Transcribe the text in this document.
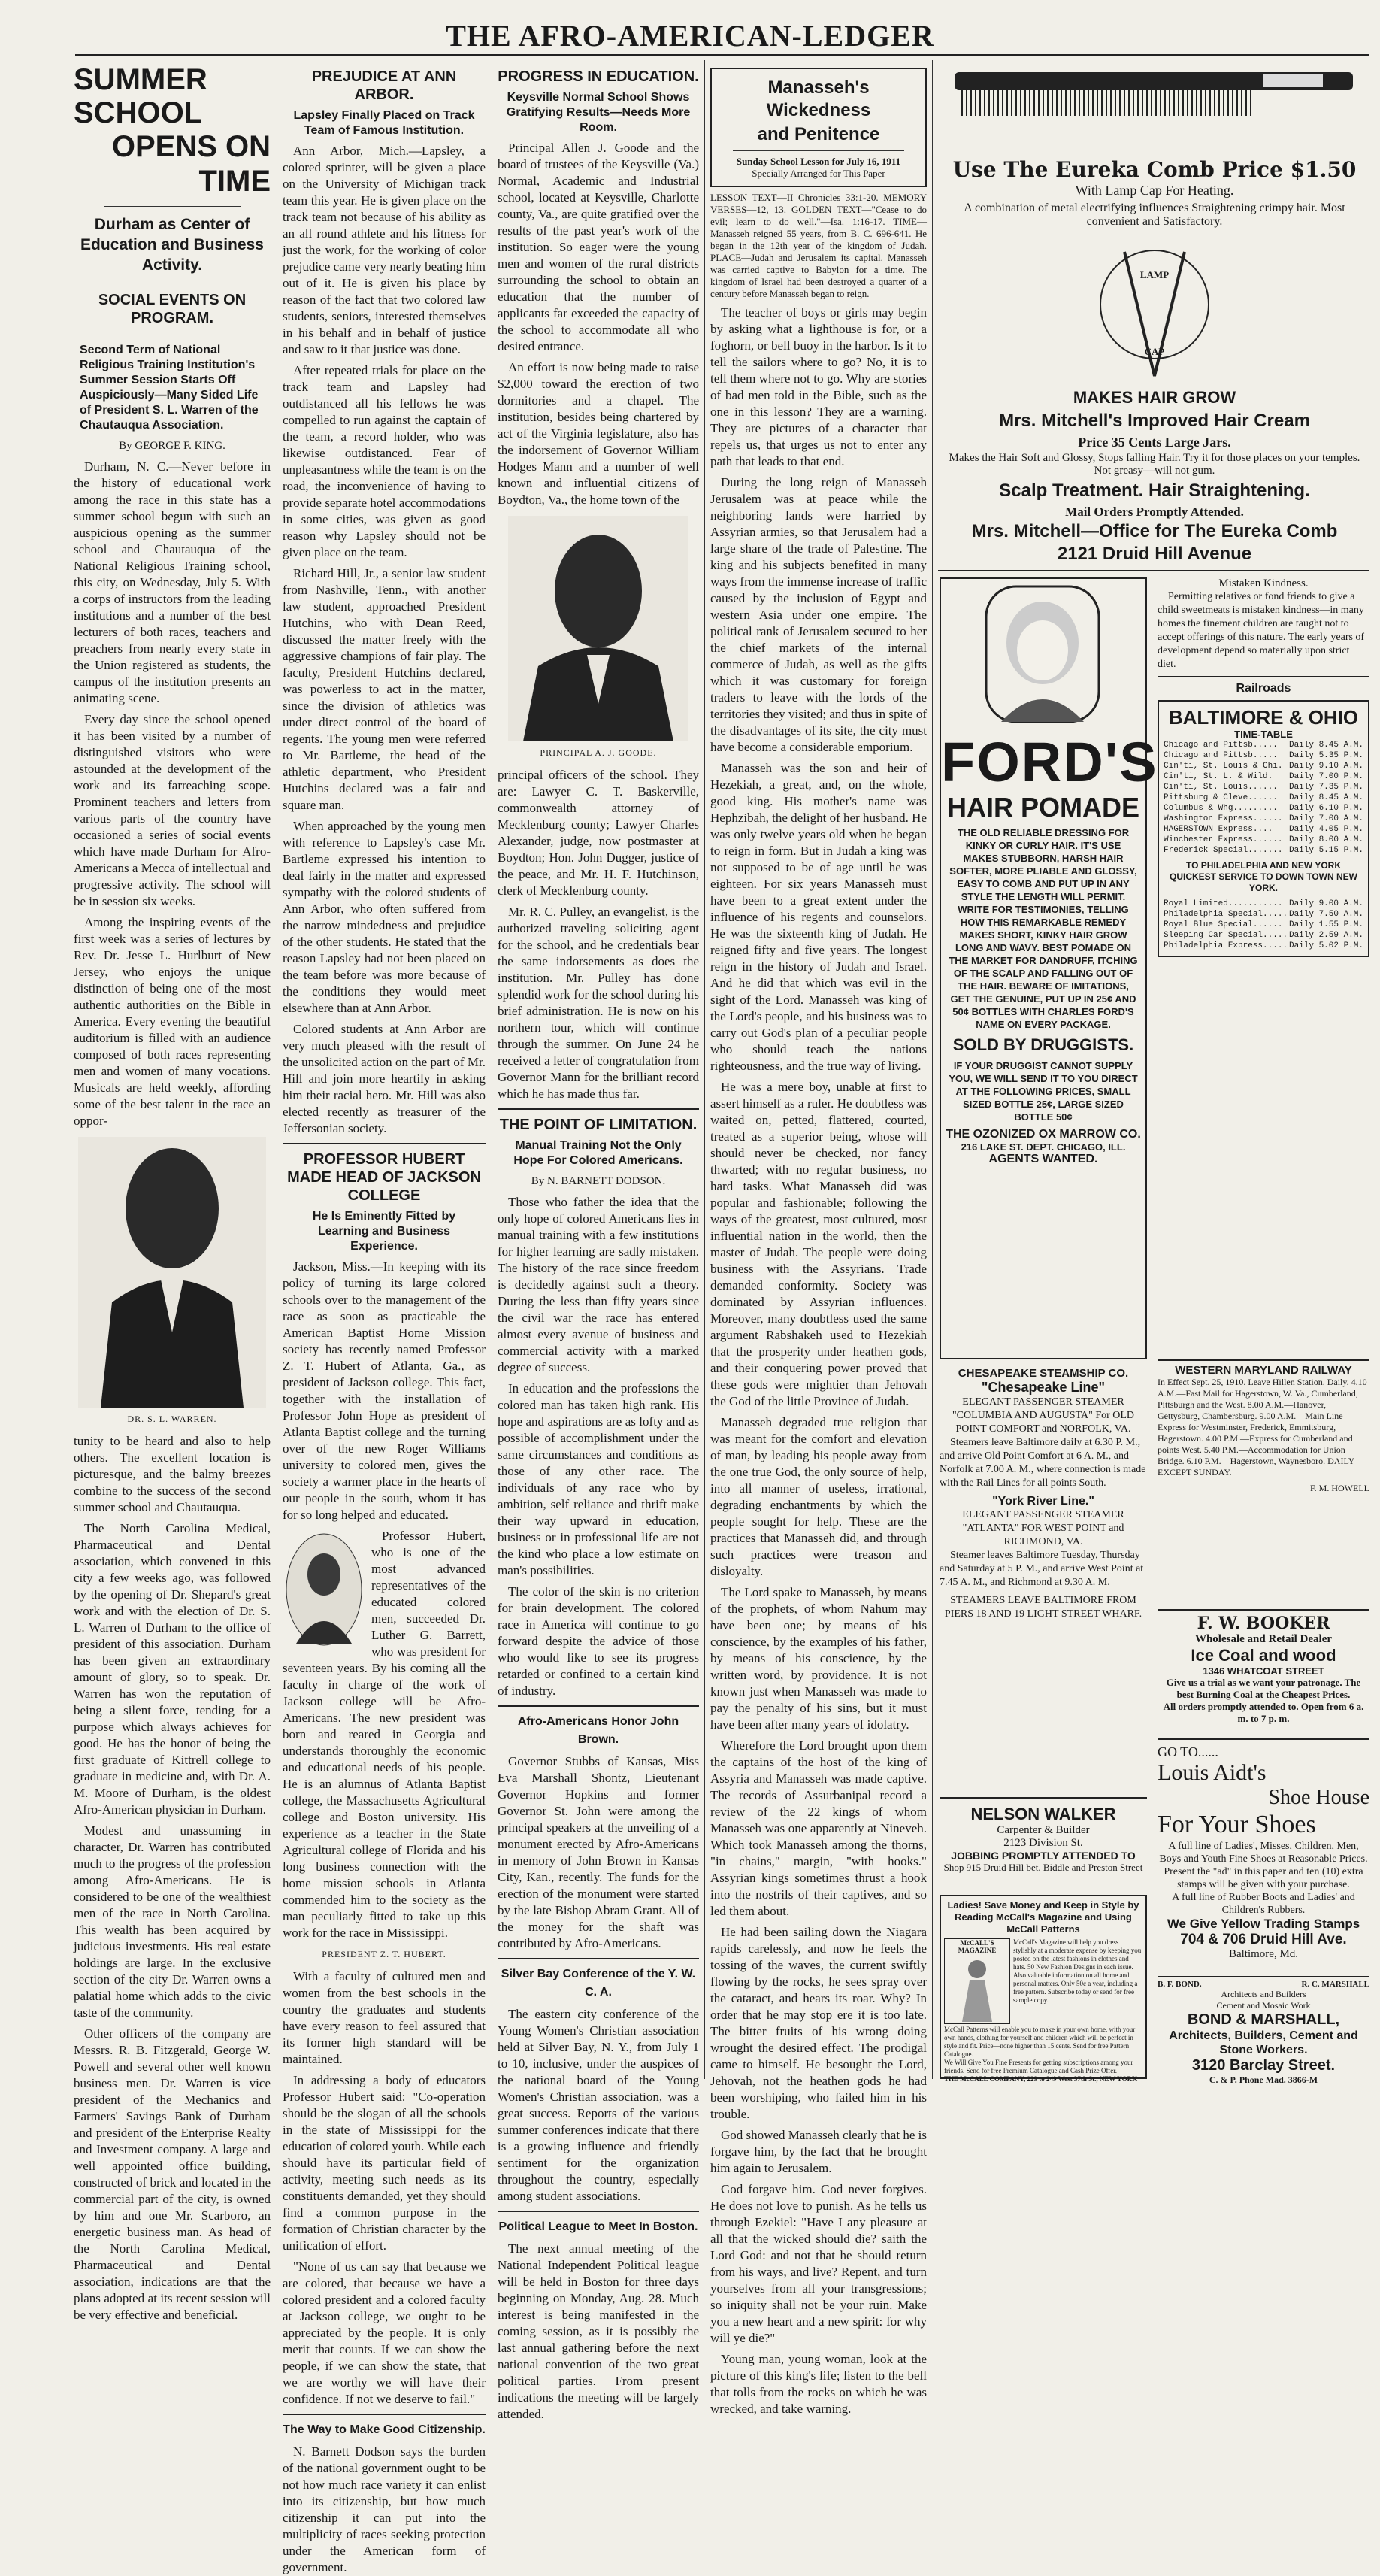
THE AFRO-AMERICAN-LEDGER
SUMMER SCHOOL
OPENS ON TIME
Durham as Center of Education and Business Activity.
SOCIAL EVENTS ON PROGRAM.
Second Term of National Religious Training Institution's Summer Session Starts Off Auspiciously—Many Sided Life of President S. L. Warren of the Chautauqua Association.
By GEORGE F. KING.

Durham, N. C.—Never before in the history of educational work among the race in this state has a summer school begun with such an auspicious opening as the summer school and Chautauqua of the National Religious Training school, this city, on Wednesday, July 5. With a corps of instructors from the leading institutions and a number of the best lecturers of both races, teachers and preachers from nearly every state in the Union registered as students, the campus of the institution presents an animating scene.

Every day since the school opened it has been visited by a number of distinguished visitors who were astounded at the development of the work and its farreaching scope. Prominent teachers and letters from various parts of the country have occasioned a series of social events which have made Durham for Afro-Americans a Mecca of intellectual and progressive activity. The school will be in session six weeks.

Among the inspiring events of the first week was a series of lectures by Rev. Dr. Jesse L. Hurlburt of New Jersey, who enjoys the unique distinction of being one of the most authentic authorities on the Bible in America. Every evening the beautiful auditorium is filled with an audience composed of both races representing men and women of many vocations. Musicals are held weekly, affording some of the best talent in the race an oppor-

DR. S. L. WARREN.

tunity to be heard and also to help others. The excellent location is picturesque, and the balmy breezes combine to the success of the second summer school and Chautauqua.

The North Carolina Medical, Pharmaceutical and Dental association, which convened in this city a few weeks ago, was followed by the opening of Dr. Shepard's great work and with the election of Dr. S. L. Warren of Durham to the office of president of this association. Durham has been given an extraordinary amount of glory, so to speak. Dr. Warren has won the reputation of being a silent force, tending for a purpose which always achieves for good. He has the honor of being the first graduate of Kittrell college to graduate in medicine and, with Dr. A. M. Moore of Durham, is the oldest Afro-American physician in Durham.

Modest and unassuming in character, Dr. Warren has contributed much to the progress of the profession among Afro-Americans. He is considered to be one of the wealthiest men of the race in North Carolina. This wealth has been acquired by judicious investments. His real estate holdings are large. In the exclusive section of the city Dr. Warren owns a palatial home which adds to the civic taste of the community.

Other officers of the company are Messrs. R. B. Fitzgerald, George W. Powell and several other well known business men. Dr. Warren is vice president of the Mechanics and Farmers' Savings Bank of Durham and president of the Enterprise Realty and Investment company. A large and well appointed office building, constructed of brick and located in the commercial part of the city, is owned by him and one Mr. Scarboro, an energetic business man. As head of the North Carolina Medical, Pharmaceutical and Dental association, indications are that the plans adopted at its recent session will be very effective and beneficial.

PREJUDICE AT ANN ARBOR.
Lapsley Finally Placed on Track Team of Famous Institution.

Ann Arbor, Mich.—Lapsley, a colored sprinter, will be given a place on the University of Michigan track team this year. He is given place on the track team not because of his ability as an all round athlete and his fitness for just the work, for the working of color prejudice came very nearly beating him out of it. He is given his place by reason of the fact that two colored law students, seniors, interested themselves in his behalf and in behalf of justice and saw to it that justice was done.

After repeated trials for place on the track team and Lapsley had outdistanced all his fellows he was compelled to run against the captain of the team, a record holder, who was likewise outdistanced. Fear of unpleasantness while the team is on the road, the inconvenience of having to provide separate hotel accommodations in some cities, was given as good reason why Lapsley should not be given place on the team.

Richard Hill, Jr., a senior law student from Nashville, Tenn., with another law student, approached President Hutchins, who with Dean Reed, discussed the matter freely with the aggressive champions of fair play. The faculty, President Hutchins declared, was powerless to act in the matter, since the division of athletics was under direct control of the board of regents. The young men were referred to Mr. Bartleme, the head of the athletic department, who President Hutchins declared was a fair and square man.

When approached by the young men with reference to Lapsley's case Mr. Bartleme expressed his intention to deal fairly in the matter and expressed sympathy with the colored students of Ann Arbor, who often suffered from the narrow mindedness and prejudice of the other students. He stated that the reason Lapsley had not been placed on the team before was more because of the conditions they would meet elsewhere than at Ann Arbor.

Colored students at Ann Arbor are very much pleased with the result of the unsolicited action on the part of Mr. Hill and join more heartily in asking him their racial hero. Mr. Hill was also elected recently as treasurer of the Jeffersonian society.

PROFESSOR HUBERT MADE HEAD OF JACKSON COLLEGE
He Is Eminently Fitted by Learning and Business Experience.

Jackson, Miss.—In keeping with its policy of turning its large colored schools over to the management of the race as soon as practicable the American Baptist Home Mission society has recently named Professor Z. T. Hubert of Atlanta, Ga., as president of Jackson college. This fact, together with the installation of Professor John Hope as president of Atlanta Baptist college and the turning over of the new Roger Williams university to colored men, gives the society a warmer place in the hearts of our people in the south, whom it has for so long helped and educated.

Professor Hubert, who is one of the most advanced representatives of the educated colored men, succeeded Dr. Luther G. Barrett, who was president for seventeen years. By his coming all the faculty in charge of the work of Jackson college will be Afro-Americans. The new president was born and reared in Georgia and understands thoroughly the economic and educational needs of his people. He is an alumnus of Atlanta Baptist college, the Massachusetts Agricultural college and Boston university. His experience as a teacher in the State Agricultural college of Florida and his long business connection with the home mission schools in Atlanta commended him to the society as the man peculiarly fitted to take up this work for the race in Mississippi.

PRESIDENT Z. T. HUBERT.

With a faculty of cultured men and women from the best schools in the country the graduates and students have every reason to feel assured that its former high standard will be maintained.

In addressing a body of educators Professor Hubert said: "Co-operation should be the slogan of all the schools in the state of Mississippi for the education of colored youth. While each should have its particular field of activity, meeting such needs as its constituents demanded, yet they should find a common purpose in the formation of Christian character by the unification of effort.

"None of us can say that because we are colored, that because we have a colored president and a colored faculty at Jackson college, we ought to be appreciated by the people. It is only merit that counts. If we can show the people, if we can show the state, that we are worthy we will have their confidence. If not we deserve to fail."

The Way to Make Good Citizenship.

N. Barnett Dodson says the burden of the national government ought to be not how much race variety it can enlist into its citizenship, but how much citizenship it can put into the multiplicity of races seeking protection under the American form of government.

PROGRESS IN EDUCATION.
Keysville Normal School Shows Gratifying Results—Needs More Room.

Principal Allen J. Goode and the board of trustees of the Keysville (Va.) Normal, Academic and Industrial school, located at Keysville, Charlotte county, Va., are quite gratified over the results of the past year's work of the institution. So eager were the young men and women of the rural districts surrounding the school to obtain an education that the number of applicants far exceeded the capacity of the school to accommodate all who desired entrance.

An effort is now being made to raise $2,000 toward the erection of two dormitories and a chapel. The institution, besides being chartered by act of the Virginia legislature, also has the indorsement of Governor William Hodges Mann and a number of well known and influential citizens of Boydton, Va., the home town of the

PRINCIPAL A. J. GOODE.

principal officers of the school. They are: Lawyer C. T. Baskerville, commonwealth attorney of Mecklenburg county; Lawyer Charles Alexander, judge, now postmaster at Boydton; Hon. John Dugger, justice of the peace, and Mr. H. F. Hutchinson, clerk of Mecklenburg county.

Mr. R. C. Pulley, an evangelist, is the authorized traveling soliciting agent for the school, and he credentials bear the same indorsements as does the institution. Mr. Pulley has done splendid work for the school during his brief administration. He is now on his northern tour, which will continue through the summer. On June 24 he received a letter of congratulation from Governor Mann for the brilliant record which he has made thus far.

THE POINT OF LIMITATION.
Manual Training Not the Only Hope For Colored Americans.
By N. BARNETT DODSON.

Those who father the idea that the only hope of colored Americans lies in manual training with a few institutions for higher learning are sadly mistaken. The history of the race since freedom is decidedly against such a theory. During the less than fifty years since the civil war the race has entered almost every avenue of business and commercial activity with a marked degree of success.

In education and the professions the colored man has taken high rank. His hope and aspirations are as lofty and as possible of accomplishment under the same circumstances and conditions as those of any other race. The individuals of any race who by ambition, self reliance and thrift make their way upward in education, business or in professional life are not the kind who place a low estimate on man's possibilities.

The color of the skin is no criterion for brain development. The colored race in America will continue to go forward despite the advice of those who would like to see its progress retarded or confined to a certain kind of industry.

Afro-Americans Honor John Brown.

Governor Stubbs of Kansas, Miss Eva Marshall Shontz, Lieutenant Governor Hopkins and former Governor St. John were among the principal speakers at the unveiling of a monument erected by Afro-Americans in memory of John Brown in Kansas City, Kan., recently. The funds for the erection of the monument were started by the late Bishop Abram Grant. All of the money for the shaft was contributed by Afro-Americans.

Silver Bay Conference of the Y. W. C. A.

The eastern city conference of the Young Women's Christian association held at Silver Bay, N. Y., from July 1 to 10, inclusive, under the auspices of the national board of the Young Women's Christian association, was a great success. Reports of the various summer conferences indicate that there is a growing influence and friendly sentiment for the organization throughout the country, especially among student associations.

Political League to Meet In Boston.

The next annual meeting of the National Independent Political league will be held in Boston for three days beginning on Monday, Aug. 28. Much interest is being manifested in the coming session, as it is possibly the last annual gathering before the next national convention of the two great political parties. From present indications the meeting will be largely attended.

Manasseh's Wickedness
and Penitence
Sunday School Lesson for July 16, 1911
Specially Arranged for This Paper

LESSON TEXT—II Chronicles 33:1-20. MEMORY VERSES—12, 13. GOLDEN TEXT—"Cease to do evil; learn to do well."—Isa. 1:16-17. TIME—Manasseh reigned 55 years, from B. C. 696-641. He began in the 12th year of the kingdom of Judah. PLACE—Judah and Jerusalem its capital. Manasseh was carried captive to Babylon for a time. The kingdom of Israel had been destroyed a quarter of a century before Manasseh began to reign.

The teacher of boys or girls may begin by asking what a lighthouse is for, or a foghorn, or bell buoy in the harbor. Is it to tell the sailors where to go? No, it is to tell them where not to go. Why are stories of bad men told in the Bible, such as the one in this lesson? They are a warning. They are pictures of a character that repels us, that urges us not to enter any path that leads to that end.

During the long reign of Manasseh Jerusalem was at peace while the neighboring lands were harried by Assyrian armies, so that Jerusalem had a large share of the trade of Palestine. The king and his subjects benefited in many ways from the immense increase of traffic caused by the inclusion of Egypt and western Asia under one empire. The political rank of Jerusalem secured to her the chief markets of the internal commerce of Judah, as well as the gifts which it was customary for foreign traders to leave with the lords of the territories they visited; and thus in spite of the disadvantages of its site, the city must have become a considerable emporium.

Manasseh was the son and heir of Hezekiah, a great, and, on the whole, good king. His mother's name was Hephzibah, the delight of her husband. He was only twelve years old when he began to reign in form. But in Judah a king was not supposed to be of age until he was eighteen. For six years Manasseh must have been to a great extent under the influence of his regents and counselors. He was the sixteenth king of Judah. He reigned fifty and five years. The longest reign in the history of Judah and Israel. And he did that which was evil in the sight of the Lord. Manasseh was king of the Lord's people, and his business was to carry out God's plan of a peculiar people who should teach the nations righteousness, and the true way of living.

He was a mere boy, unable at first to assert himself as a ruler. He doubtless was waited on, petted, flattered, courted, treated as a superior being, whose will should never be checked, nor fancy thwarted; with no regular business, no hard tasks. What Manasseh did was popular and fashionable; following the ways of the greatest, most cultured, most influential nation in the world, then the master of Judah. The people were doing business with the Assyrians. Trade demanded conformity. Society was dominated by Assyrian influences. Moreover, many doubtless used the same argument Rabshakeh used to Hezekiah that the prosperity under heathen gods, and their conquering power proved that these gods were mightier than Jehovah the God of the little Province of Judah.

Manasseh degraded true religion that was meant for the comfort and elevation of man, by leading his people away from the one true God, the only source of help, into all manner of useless, irrational, degrading enchantments by which the people sought for help. These are the practices that Manasseh did, and through such practices were treason and disloyalty.

The Lord spake to Manasseh, by means of the prophets, of whom Nahum may have been one; by means of his conscience, by the examples of his father, by means of his conscience, by the written word, by providence. It is not known just when Manasseh was made to pay the penalty of his sins, but it must have been after many years of idolatry.

Wherefore the Lord brought upon them the captains of the host of the king of Assyria and Manasseh was made captive. The records of Assurbanipal record a review of the 22 kings of whom Manasseh was one apparently at Nineveh. Which took Manasseh among the thorns, "in chains," margin, "with hooks." Assyrian kings sometimes thrust a hook into the nostrils of their captives, and so led them about.

He had been sailing down the Niagara rapids carelessly, and now he feels the tossing of the waves, the current swiftly flowing by the rocks, he sees spray over the cataract, and hears its roar. Why? In order that he may stop ere it is too late. The bitter fruits of his wrong doing wrought the desired effect. The prodigal came to himself. He besought the Lord, Jehovah, not the heathen gods he had been worshiping, who failed him in his trouble.

God showed Manasseh clearly that he is forgave him, by the fact that he brought him again to Jerusalem.

God forgave him. God never forgives. He does not love to punish. As he tells us through Ezekiel: "Have I any pleasure at all that the wicked should die? saith the Lord God: and not that he should return from his ways, and live? Repent, and turn yourselves from all your transgressions; so iniquity shall not be your ruin. Make you a new heart and a new spirit: for why will ye die?"

Young man, young woman, look at the picture of this king's life; listen to the bell that tolls from the rocks on which he was wrecked, and take warning.

Use The Eureka Comb Price $1.50
With Lamp Cap For Heating.
A combination of metal electrifying influences Straightening crimpy hair. Most convenient and Satisfactory.
LAMP
CAP
MAKES HAIR GROW
Mrs. Mitchell's Improved Hair Cream
Price 35 Cents Large Jars.
Makes the Hair Soft and Glossy, Stops falling Hair. Try it for those places on your temples. Not greasy—will not gum.
Scalp Treatment. Hair Straightening.
Mail Orders Promptly Attended.
Mrs. Mitchell—Office for The Eureka Comb
2121 Druid Hill Avenue
FORD'S
HAIR POMADE
THE OLD RELIABLE DRESSING FOR KINKY OR CURLY HAIR. IT'S USE MAKES STUBBORN, HARSH HAIR SOFTER, MORE PLIABLE AND GLOSSY, EASY TO COMB AND PUT UP IN ANY STYLE THE LENGTH WILL PERMIT. WRITE FOR TESTIMONIES, TELLING HOW THIS REMARKABLE REMEDY MAKES SHORT, KINKY HAIR GROW LONG AND WAVY. BEST POMADE ON THE MARKET FOR DANDRUFF, ITCHING OF THE SCALP AND FALLING OUT OF THE HAIR. BEWARE OF IMITATIONS, GET THE GENUINE, PUT UP IN 25¢ AND 50¢ BOTTLES WITH CHARLES FORD'S NAME ON EVERY PACKAGE.
SOLD BY DRUGGISTS.
IF YOUR DRUGGIST CANNOT SUPPLY YOU, WE WILL SEND IT TO YOU DIRECT AT THE FOLLOWING PRICES, SMALL SIZED BOTTLE 25¢, LARGE SIZED BOTTLE 50¢
THE OZONIZED OX MARROW CO.
216 LAKE ST. DEPT. CHICAGO, ILL.
AGENTS WANTED.
Mistaken Kindness.

Permitting relatives or fond friends to give a child sweetmeats is mistaken kindness—in many homes the finement children are taught not to accept offerings of this nature. The early years of development depend so materially upon strict diet.

Railroads
BALTIMORE & OHIO
TIME-TABLE
Chicago and Pittsb..... Daily 8.45 A.M.
Chicago and Pittsb..... Daily 5.35 P.M.
Cin'ti, St. Louis & Chi. Daily 9.10 A.M.
Cin'ti, St. L. & Wild. Daily 7.00 P.M.
Cin'ti, St. Louis...... Daily 7.35 P.M.
Pittsburg & Cleve...... Daily 8.45 A.M.
Columbus & Whg......... Daily 6.10 P.M.
Washington Express...... Daily 7.00 A.M.
HAGERSTOWN Express.... Daily 4.05 P.M.
Winchester Express...... Daily 8.00 A.M.
Frederick Special....... Daily 5.15 P.M.
TO PHILADELPHIA AND NEW YORK QUICKEST SERVICE TO DOWN TOWN NEW YORK.
Royal Limited........... Daily 9.00 A.M.
Philadelphia Special..... Daily 7.50 A.M.
Royal Blue Special...... Daily 1.55 P.M.
Sleeping Car Special..... Daily 2.59 A.M.
Philadelphia Express..... Daily 5.02 P.M.
CHESAPEAKE STEAMSHIP CO.
"Chesapeake Line"
ELEGANT PASSENGER STEAMER "COLUMBIA AND AUGUSTA" For OLD POINT COMFORT and NORFOLK, VA.

Steamers leave Baltimore daily at 6.30 P. M., and arrive Old Point Comfort at 6 A. M., and Norfolk at 7.00 A. M., where connection is made with the Rail Lines for all points South.

"York River Line."
ELEGANT PASSENGER STEAMER "ATLANTA" FOR WEST POINT and RICHMOND, VA.

Steamer leaves Baltimore Tuesday, Thursday and Saturday at 5 P. M., and arrive West Point at 7.45 A. M., and Richmond at 9.30 A. M.

STEAMERS LEAVE BALTIMORE FROM PIERS 18 AND 19 LIGHT STREET WHARF.
WESTERN MARYLAND RAILWAY

In Effect Sept. 25, 1910. Leave Hillen Station. Daily. 4.10 A.M.—Fast Mail for Hagerstown, W. Va., Cumberland, Pittsburgh and the West. 8.00 A.M.—Hanover, Gettysburg, Chambersburg. 9.00 A.M.—Main Line Express for Westminster, Frederick, Emmitsburg, Hagerstown. 4.00 P.M.—Express for Cumberland and points West. 5.40 P.M.—Accommodation for Union Bridge. 6.10 P.M.—Hagerstown, Waynesboro. DAILY EXCEPT SUNDAY.

F. M. HOWELL
F. W. BOOKER
Wholesale and Retail Dealer
Ice Coal and wood
1346 WHATCOAT STREET
Give us a trial as we want your patronage. The best Burning Coal at the Cheapest Prices.
All orders promptly attended to. Open from 6 a. m. to 7 p. m.
NELSON WALKER
Carpenter & Builder
2123 Division St.
JOBBING PROMPTLY ATTENDED TO
Shop 915 Druid Hill bet. Biddle and Preston Street
Ladies! Save Money and Keep in Style by Reading McCall's Magazine and Using McCall Patterns
McCALL'S MAGAZINE
McCall's Magazine will help you dress stylishly at a moderate expense by keeping you posted on the latest fashions in clothes and hats. 50 New Fashion Designs in each issue. Also valuable information on all home and personal matters. Only 50c a year, including a free pattern. Subscribe today or send for free sample copy.
McCall Patterns will enable you to make in your own home, with your own hands, clothing for yourself and children which will be perfect in style and fit. Price—none higher than 15 cents. Send for free Pattern Catalogue.
We Will Give You Fine Presents for getting subscriptions among your friends. Send for free Premium Catalogue and Cash Prize Offer.
THE McCALL COMPANY, 229 to 249 West 37th St., NEW YORK
GO TO......
Louis Aidt's
Shoe House
For Your Shoes
A full line of Ladies', Misses, Children, Men, Boys and Youth Fine Shoes at Reasonable Prices.
Present the "ad" in this paper and ten (10) extra stamps will be given with your purchase.
A full line of Rubber Boots and Ladies' and Children's Rubbers.
We Give Yellow Trading Stamps
704 & 706 Druid Hill Ave.
Baltimore, Md.
B. F. BOND.	R. C. MARSHALL
Architects and Builders
Cement and Mosaic Work
BOND & MARSHALL,
Architects, Builders, Cement and Stone Workers.
3120 Barclay Street.
C. & P. Phone Mad. 3866-M
